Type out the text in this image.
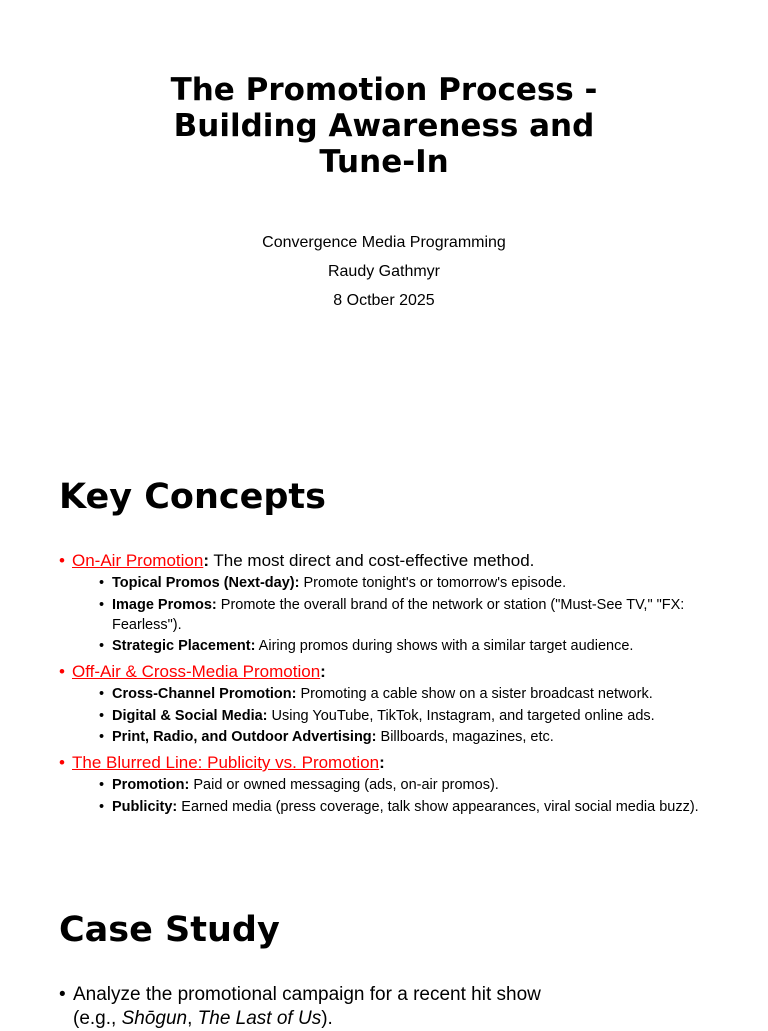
The Promotion Process -
Building Awareness and
Tune-In
Convergence Media Programming
Raudy Gathmyr
8 Octber 2025
Key Concepts
• On-Air Promotion: The most direct and cost-effective method.
• Topical Promos (Next-day): Promote tonight's or tomorrow's episode.
• Image Promos: Promote the overall brand of the network or station ("Must-See TV," "FX: Fearless").
• Strategic Placement: Airing promos during shows with a similar target audience.
• Off-Air & Cross-Media Promotion:
• Cross-Channel Promotion: Promoting a cable show on a sister broadcast network.
• Digital & Social Media: Using YouTube, TikTok, Instagram, and targeted online ads.
• Print, Radio, and Outdoor Advertising: Billboards, magazines, etc.
• The Blurred Line: Publicity vs. Promotion:
• Promotion: Paid or owned messaging (ads, on-air promos).
• Publicity: Earned media (press coverage, talk show appearances, viral social media buzz).
Case Study
• Analyze the promotional campaign for a recent hit show
(e.g., Shōgun, The Last of Us).
